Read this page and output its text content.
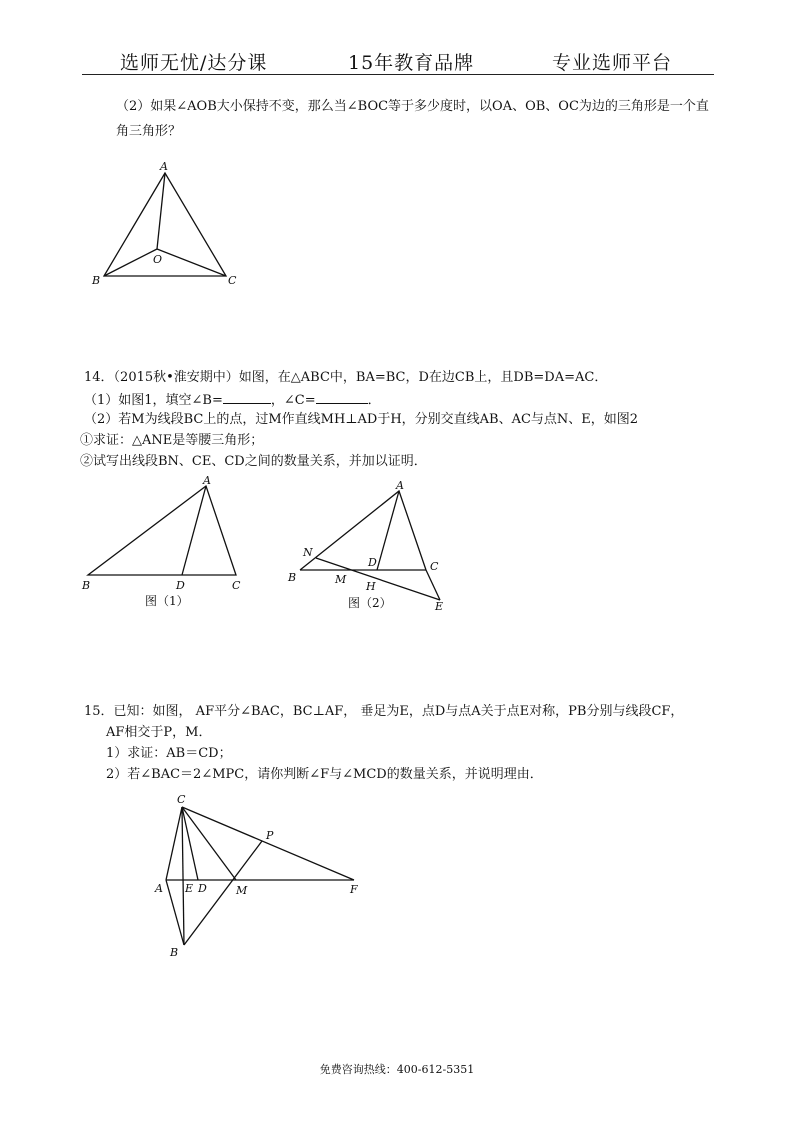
选师无忧/达分课	15年教育品牌	专业选师平台
（2）如果∠AOB大小保持不变，那么当∠BOC等于多少度时，以OA、OB、OC为边的三角形是一个直
角三角形？
14．（2015秋•淮安期中）如图，在△ABC中，BA=BC，D在边CB上，且DB=DA=AC．
（1）如图1，填空∠B=	，∠C=	．
（2）若M为线段BC上的点，过M作直线MH⊥AD于H，分别交直线AB、AC与点N、E，如图2
①求证：△ANE是等腰三角形；
②试写出线段BN、CE、CD之间的数量关系，并加以证明．
15．已知：如图， AF平分∠BAC，BC⊥AF， 垂足为E，点D与点A关于点E对称，PB分别与线段CF，
AF相交于P，M．
1）求证：AB＝CD；
2）若∠BAC＝2∠MPC，请你判断∠F与∠MCD的数量关系，并说明理由．
A
B	C
O
A
B	D	C
图（1）
A
N
B	M
D
H
C
E
图（2）
C
P
A E D	M	F
B
免费咨询热线：400-612-5351
